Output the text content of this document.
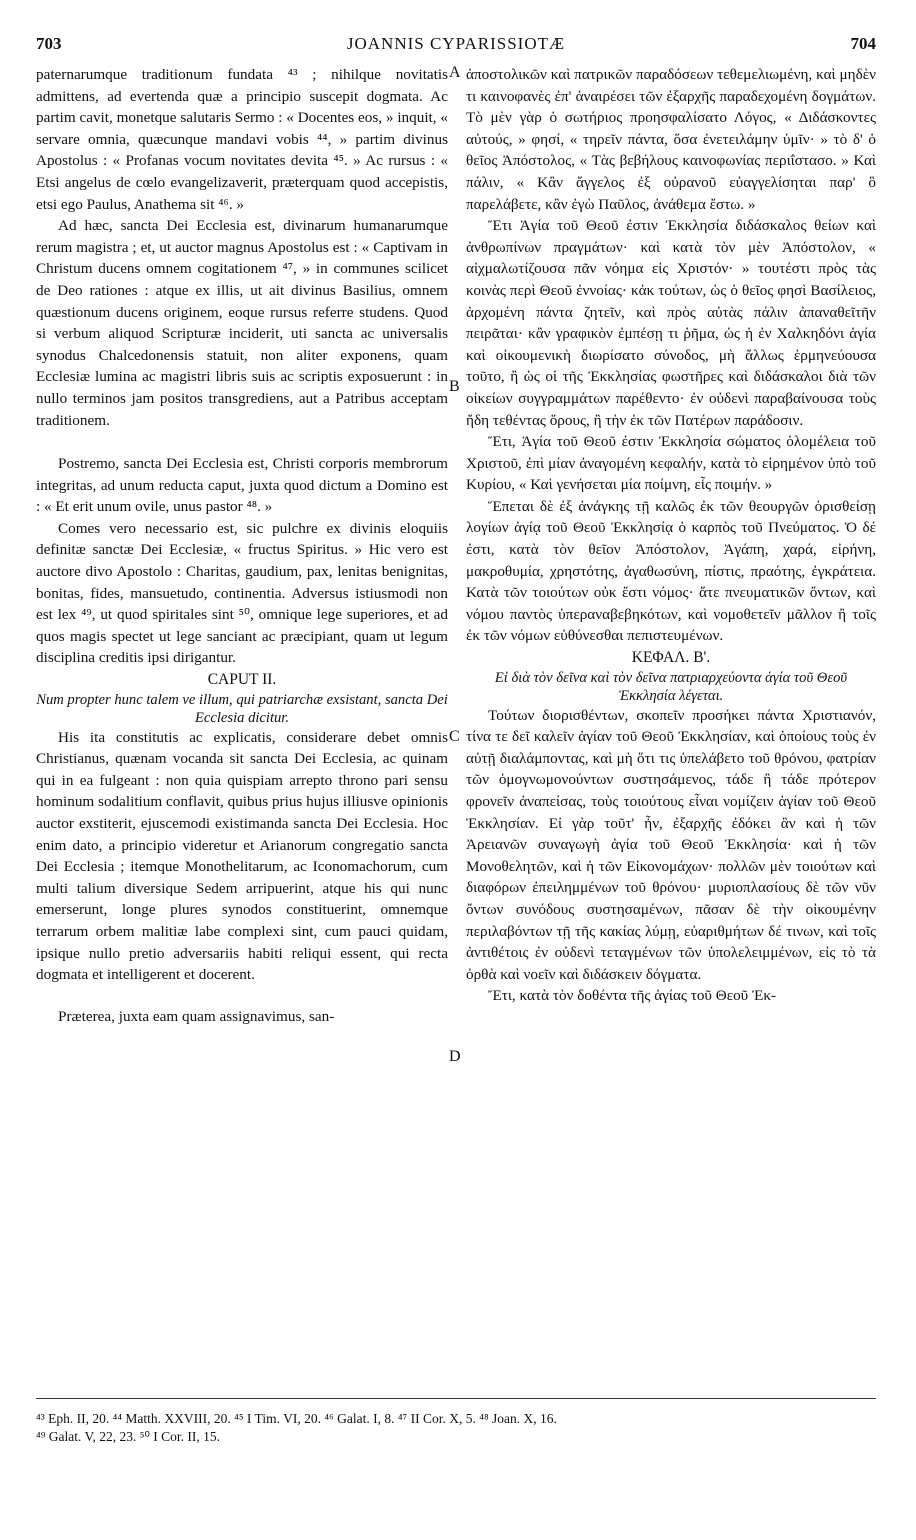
703	JOANNIS CYPARISSIOTÆ	704

paternarumque traditionum fundata ⁴³ ; nihilque novitatis admittens, ad evertenda quæ a principio suscepit dogmata. Ac partim cavit, monetque salutaris Sermo : « Docentes eos, » inquit, « servare omnia, quæcunque mandavi vobis ⁴⁴, » partim divinus Apostolus : « Profanas vocum novitates devita ⁴⁵. » Ac rursus : « Etsi angelus de cœlo evangelizaverit, præterquam quod accepistis, etsi ego Paulus, Anathema sit ⁴⁶. »

Ad hæc, sancta Dei Ecclesia est, divinarum humanarumque rerum magistra ; et, ut auctor magnus Apostolus est : « Captivam in Christum ducens omnem cogitationem ⁴⁷, » in communes scilicet de Deo rationes : atque ex illis, ut ait divinus Basilius, omnem quæstionum ducens originem, eoque rursus referre studens. Quod si verbum aliquod Scripturæ inciderit, uti sancta ac universalis synodus Chalcedonensis statuit, non aliter exponens, quam Ecclesiæ lumina ac magistri libris suis ac scriptis exposuerunt : in nullo terminos jam positos transgrediens, aut a Patribus acceptam traditionem.

Postremo, sancta Dei Ecclesia est, Christi corporis membrorum integritas, ad unum reducta caput, juxta quod dictum a Domino est : « Et erit unum ovile, unus pastor ⁴⁸. »

Comes vero necessario est, sic pulchre ex divinis eloquiis definitæ sanctæ Dei Ecclesiæ, « fructus Spiritus. » Hic vero est auctore divo Apostolo : Charitas, gaudium, pax, lenitas benignitas, bonitas, fides, mansuetudo, continentia. Adversus istiusmodi non est lex ⁴⁹, ut quod spiritales sint ⁵⁰, omnique lege superiores, et ad quos magis spectet ut lege sanciant ac præcipiant, quam ut legum disciplina creditis ipsi dirigantur.

CAPUT II.

Num propter hunc talem ve illum, qui patriarchæ exsistant, sancta Dei Ecclesia dicitur.

His ita constitutis ac explicatis, considerare debet omnis Christianus, quænam vocanda sit sancta Dei Ecclesia, ac quinam qui in ea fulgeant : non quia quispiam arrepto throno pari sensu hominum sodalitium conflavit, quibus prius hujus illiusve opinionis auctor exstiterit, ejuscemodi existimanda sancta Dei Ecclesia. Hoc enim dato, a principio videretur et Arianorum congregatio sancta Dei Ecclesia ; itemque Monothelitarum, ac Iconomachorum, cum multi talium diversique Sedem arripuerint, atque his qui nunc emerserunt, longe plures synodos constituerint, omnemque terrarum orbem malitiæ labe complexi sint, cum pauci quidam, ipsique nullo pretio adversariis habiti reliqui essent, qui recta dogmata et intelligerent et docerent.

Præterea, juxta eam quam assignavimus, san-

A
B
C
D

ἀποστολικῶν καὶ πατρικῶν παραδόσεων τεθεμελιωμένη, καὶ μηδὲν τι καινοφανὲς ἐπ' ἀναιρέσει τῶν ἐξαρχῆς παραδεχομένη δογμάτων. Τὸ μὲν γὰρ ὁ σωτήριος προησφαλίσατο Λόγος, « Διδάσκοντες αὐτούς, » φησί, « τηρεῖν πάντα, ὅσα ἐνετειλάμην ὑμῖν· » τὸ δ' ὁ θεῖος Ἀπόστολος, « Τὰς βεβήλους καινοφωνίας περιΐστασο. » Καὶ πάλιν, « Κἂν ἄγγελος ἐξ οὐρανοῦ εὐαγγελίσηται παρ' ὃ παρελάβετε, κἂν ἐγὼ Παῦλος, ἀνάθεμα ἔστω. »

Ἔτι Ἁγία τοῦ Θεοῦ ἐστιν Ἐκκλησία διδάσκαλος θείων καὶ ἀνθρωπίνων πραγμάτων· καὶ κατὰ τὸν μὲν Ἀπόστολον, « αἰχμαλωτίζουσα πᾶν νόημα εἰς Χριστόν· » τουτέστι πρὸς τὰς κοινὰς περὶ Θεοῦ ἐννοίας· κἀκ τούτων, ὡς ὁ θεῖος φησὶ Βασίλειος, ἀρχομένη πάντα ζητεῖν, καὶ πρὸς αὐτὰς πάλιν ἀπαναθεῖτῆν πειρᾶται· κἂν γραφικὸν ἐμπέσῃ τι ῥῆμα, ὡς ἡ ἐν Χαλκηδόνι ἁγία καὶ οἰκουμενικὴ διωρίσατο σύνοδος, μὴ ἄλλως ἑρμηνεύουσα τοῦτο, ἢ ὡς οἱ τῆς Ἐκκλησίας φωστῆρες καὶ διδάσκαλοι διὰ τῶν οἰκείων συγγραμμάτων παρέθεντο· ἐν οὐδενὶ παραβαίνουσα τοὺς ἤδη τεθέντας ὅρους, ἢ τὴν ἐκ τῶν Πατέρων παράδοσιν.

Ἔτι, Ἁγία τοῦ Θεοῦ ἐστιν Ἐκκλησία σώματος ὁλομέλεια τοῦ Χριστοῦ, ἐπὶ μίαν ἀναγομένη κεφαλήν, κατὰ τὸ εἰρημένον ὑπὸ τοῦ Κυρίου, « Καὶ γενήσεται μία ποίμνη, εἷς ποιμήν. »

Ἕπεται δὲ ἐξ ἀνάγκης τῇ καλῶς ἐκ τῶν θεουργῶν ὁρισθείσῃ λογίων ἁγίᾳ τοῦ Θεοῦ Ἐκκλησίᾳ ὁ καρπὸς τοῦ Πνεύματος. Ὁ δέ ἐστι, κατὰ τὸν θεῖον Ἀπόστολον, Ἀγάπη, χαρά, εἰρήνη, μακροθυμία, χρηστότης, ἀγαθωσύνη, πίστις, πραότης, ἐγκράτεια. Κατὰ τῶν τοιούτων οὐκ ἔστι νόμος· ἅτε πνευματικῶν ὄντων, καὶ νόμου παντὸς ὑπεραναβεβηκότων, καὶ νομοθετεῖν μᾶλλον ἢ τοῖς ἐκ τῶν νόμων εὐθύνεσθαι πεπιστευμένων.

ΚΕΦΑΛ. Β'.

Εἰ διὰ τὸν δεῖνα καὶ τὸν δεῖνα πατριαρχεύοντα ἁγία τοῦ Θεοῦ Ἐκκλησία λέγεται.

Τούτων διορισθέντων, σκοπεῖν προσήκει πάντα Χριστιανόν, τίνα τε δεῖ καλεῖν ἁγίαν τοῦ Θεοῦ Ἐκκλησίαν, καὶ ὁποίους τοὺς ἐν αὐτῇ διαλάμποντας, καὶ μὴ ὅτι τις ὑπελάβετο τοῦ θρόνου, φατρίαν τῶν ὁμογνωμονούντων συστησάμενος, τάδε ἢ τάδε πρότερον φρονεῖν ἀναπείσας, τοὺς τοιούτους εἶναι νομίζειν ἁγίαν τοῦ Θεοῦ Ἐκκλησίαν. Εἰ γὰρ τοῦτ' ἦν, ἐξαρχῆς ἐδόκει ἂν καὶ ἡ τῶν Ἀρειανῶν συναγωγὴ ἁγία τοῦ Θεοῦ Ἐκκλησία· καὶ ἡ τῶν Μονοθελητῶν, καὶ ἡ τῶν Εἰκονομάχων· πολλῶν μὲν τοιούτων καὶ διαφόρων ἐπειλημμένων τοῦ θρόνου· μυριοπλασίους δὲ τῶν νῦν ὄντων συνόδους συστησαμένων, πᾶσαν δὲ τὴν οἰκουμένην περιλαβόντων τῇ τῆς κακίας λύμῃ, εὐαριθμήτων δέ τινων, καὶ τοῖς ἀντιθέτοις ἐν οὐδενὶ τεταγμένων τῶν ὑπολελειμμένων, εἰς τὸ τὰ ὀρθὰ καὶ νοεῖν καὶ διδάσκειν δόγματα.

Ἔτι, κατὰ τὸν δοθέντα τῆς ἁγίας τοῦ Θεοῦ Ἐκ-

⁴³ Eph. II, 20. ⁴⁴ Matth. XXVIII, 20. ⁴⁵ I Tim. VI, 20. ⁴⁶ Galat. I, 8. ⁴⁷ II Cor. X, 5. ⁴⁸ Joan. X, 16.
⁴⁹ Galat. V, 22, 23. ⁵⁰ I Cor. II, 15.
